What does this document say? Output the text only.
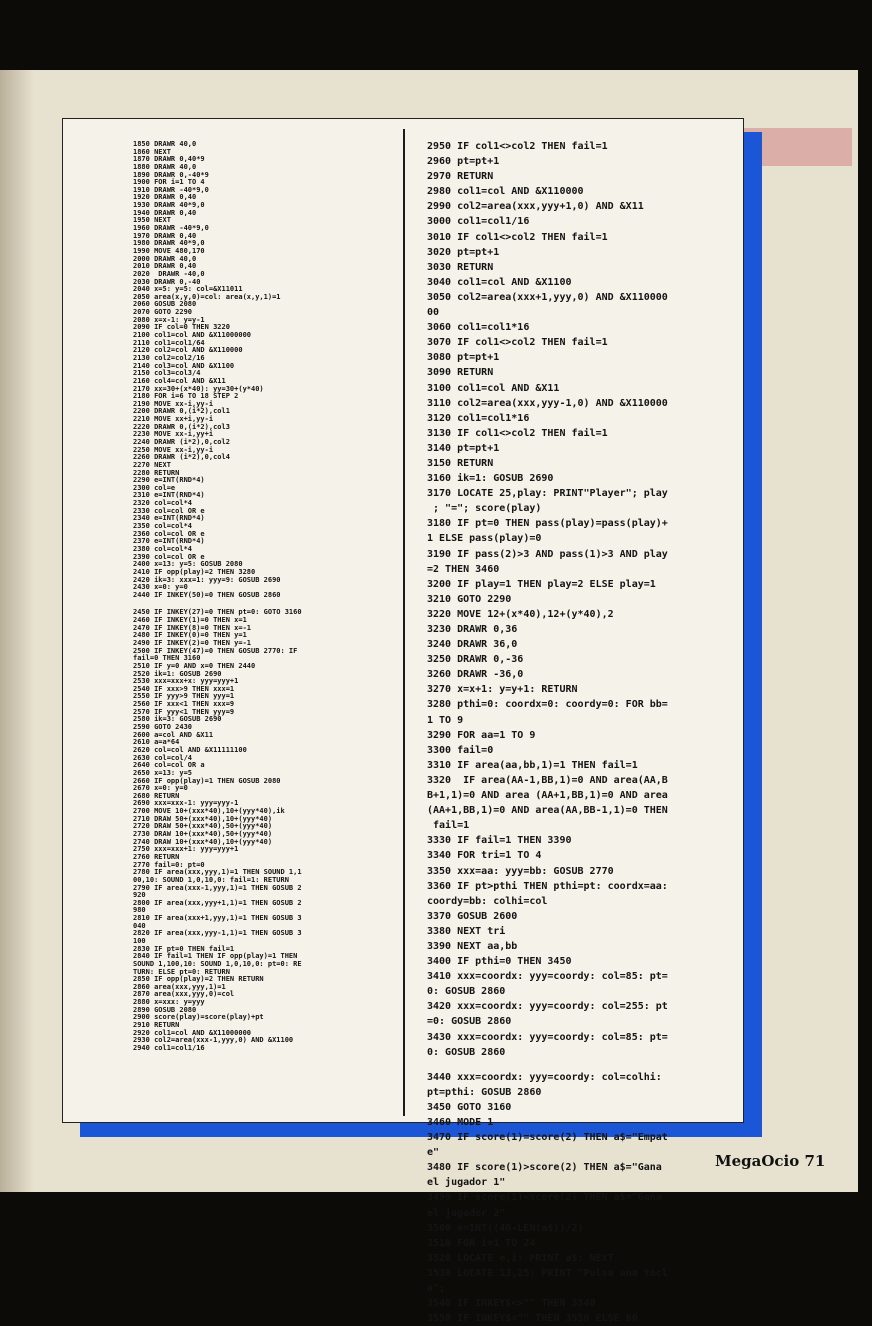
1850 DRAWR 40,0
1860 NEXT
1870 DRAWR 0,40*9
1880 DRAWR 40,0
1890 DRAWR 0,-40*9
1900 FOR i=1 TO 4
1910 DRAWR -40*9,0
1920 DRAWR 0,40
1930 DRAWR 40*9,0
1940 DRAWR 0,40
1950 NEXT
1960 DRAWR -40*9,0
1970 DRAWR 0,40
1980 DRAWR 40*9,0
1990 MOVE 480,170
2000 DRAWR 40,0
2010 DRAWR 0,40
2020  DRAWR -40,0
2030 DRAWR 0,-40
2040 x=5: y=5: col=&X11011
2050 area(x,y,0)=col: area(x,y,1)=1
2060 GOSUB 2080
2070 GOTO 2290
2080 x=x-1: y=y-1
2090 IF col=0 THEN 3220
2100 col1=col AND &X11000000
2110 col1=col1/64
2120 col2=col AND &X110000
2130 col2=col2/16
2140 col3=col AND &X1100
2150 col3=col3/4
2160 col4=col AND &X11
2170 xx=30+(x*40): yy=30+(y*40)
2180 FOR i=6 TO 18 STEP 2
2190 MOVE xx-i,yy-i
2200 DRAWR 0,(i*2),col1
2210 MOVE xx+i,yy-i
2220 DRAWR 0,(i*2),col3
2230 MOVE xx-i,yy+i
2240 DRAWR (i*2),0,col2
2250 MOVE xx-i,yy-i
2260 DRAWR (i*2),0,col4
2270 NEXT
2280 RETURN
2290 e=INT(RND*4)
2300 col=e
2310 e=INT(RND*4)
2320 col=col*4
2330 col=col OR e
2340 e=INT(RND*4)
2350 col=col*4
2360 col=col OR e
2370 e=INT(RND*4)
2380 col=col*4
2390 col=col OR e
2400 x=13: y=5: GOSUB 2080
2410 IF opp(play)=2 THEN 3280
2420 ik=3: xxx=1: yyy=9: GOSUB 2690
2430 x=0: y=0
2440 IF INKEY(50)=0 THEN GOSUB 2860
2450 IF INKEY(27)=0 THEN pt=0: GOTO 3160
2460 IF INKEY(1)=0 THEN x=1
2470 IF INKEY(8)=0 THEN x=-1
2480 IF INKEY(0)=0 THEN y=1
2490 IF INKEY(2)=0 THEN y=-1
2500 IF INKEY(47)=0 THEN GOSUB 2770: IF
fail=0 THEN 3160
2510 IF y=0 AND x=0 THEN 2440
2520 ik=1: GOSUB 2690
2530 xxx=xxx+x: yyy=yyy+1
2540 IF xxx>9 THEN xxx=1
2550 IF yyy>9 THEN yyy=1
2560 IF xxx<1 THEN xxx=9
2570 IF yyy<1 THEN yyy=9
2580 ik=3: GOSUB 2690
2590 GOTO 2430
2600 a=col AND &X11
2610 a=a*64
2620 col=col AND &X11111100
2630 col=col/4
2640 col=col OR a
2650 x=13: y=5
2660 IF opp(play)=1 THEN GOSUB 2080
2670 x=0: y=0
2680 RETURN
2690 xxx=xxx-1: yyy=yyy-1
2700 MOVE 10+(xxx*40),10+(yyy*40),ik
2710 DRAW 50+(xxx*40),10+(yyy*40)
2720 DRAW 50+(xxx*40),50+(yyy*40)
2730 DRAW 10+(xxx*40),50+(yyy*40)
2740 DRAW 10+(xxx*40),10+(yyy*40)
2750 xxx=xxx+1: yyy=yyy+1
2760 RETURN
2770 fail=0: pt=0
2780 IF area(xxx,yyy,1)=1 THEN SOUND 1,1
00,10: SOUND 1,0,10,0: fail=1: RETURN
2790 IF area(xxx-1,yyy,1)=1 THEN GOSUB 2
920
2800 IF area(xxx,yyy+1,1)=1 THEN GOSUB 2
980
2810 IF area(xxx+1,yyy,1)=1 THEN GOSUB 3
040
2820 IF area(xxx,yyy-1,1)=1 THEN GOSUB 3
100
2830 IF pt=0 THEN fail=1
2840 IF fail=1 THEN IF opp(play)=1 THEN
SOUND 1,100,10: SOUND 1,0,10,0: pt=0: RE
TURN: ELSE pt=0: RETURN
2850 IF opp(play)=2 THEN RETURN
2860 area(xxx,yyy,1)=1
2870 area(xxx,yyy,0)=col
2880 x=xxx: y=yyy
2890 GOSUB 2080
2900 score(play)=score(play)+pt
2910 RETURN
2920 col1=col AND &X11000000
2930 col2=area(xxx-1,yyy,0) AND &X1100
2940 col1=col1/16
2950 IF col1<>col2 THEN fail=1
2960 pt=pt+1
2970 RETURN
2980 col1=col AND &X110000
2990 col2=area(xxx,yyy+1,0) AND &X11
3000 col1=col1/16
3010 IF col1<>col2 THEN fail=1
3020 pt=pt+1
3030 RETURN
3040 col1=col AND &X1100
3050 col2=area(xxx+1,yyy,0) AND &X110000
00
3060 col1=col1*16
3070 IF col1<>col2 THEN fail=1
3080 pt=pt+1
3090 RETURN
3100 col1=col AND &X11
3110 col2=area(xxx,yyy-1,0) AND &X110000
3120 col1=col1*16
3130 IF col1<>col2 THEN fail=1
3140 pt=pt+1
3150 RETURN
3160 ik=1: GOSUB 2690
3170 LOCATE 25,play: PRINT"Player"; play
; "="; score(play)
3180 IF pt=0 THEN pass(play)=pass(play)+
1 ELSE pass(play)=0
3190 IF pass(2)>3 AND pass(1)>3 AND play
=2 THEN 3460
3200 IF play=1 THEN play=2 ELSE play=1
3210 GOTO 2290
3220 MOVE 12+(x*40),12+(y*40),2
3230 DRAWR 0,36
3240 DRAWR 36,0
3250 DRAWR 0,-36
3260 DRAWR -36,0
3270 x=x+1: y=y+1: RETURN
3280 pthi=0: coordx=0: coordy=0: FOR bb=
1 TO 9
3290 FOR aa=1 TO 9
3300 fail=0
3310 IF area(aa,bb,1)=1 THEN fail=1
3320  IF area(AA-1,BB,1)=0 AND area(AA,B
B+1,1)=0 AND area (AA+1,BB,1)=0 AND area
(AA+1,BB,1)=0 AND area(AA,BB-1,1)=0 THEN
fail=1
3330 IF fail=1 THEN 3390
3340 FOR tri=1 TO 4
3350 xxx=aa: yyy=bb: GOSUB 2770
3360 IF pt>pthi THEN pthi=pt: coordx=aa:
coordy=bb: colhi=col
3370 GOSUB 2600
3380 NEXT tri
3390 NEXT aa,bb
3400 IF pthi=0 THEN 3450
3410 xxx=coordx: yyy=coordy: col=85: pt=
0: GOSUB 2860
3420 xxx=coordx: yyy=coordy: col=255: pt
=0: GOSUB 2860
3430 xxx=coordx: yyy=coordy: col=85: pt=
0: GOSUB 2860
3440 xxx=coordx: yyy=coordy: col=colhi:
pt=pthi: GOSUB 2860
3450 GOTO 3160
3460 MODE 1
3470 IF score(1)=score(2) THEN a$="Empat
e"
3480 IF score(1)>score(2) THEN a$="Gana
el jugador 1"
3490 IF score(1)<score(2) THEN a$="Gana
el jugador 2"
3500 e=INT((40-LEN(a$))/2)
3510 FOR i=1 TO 24
3520 LOCATE e,i: PRINT a$: NEXT
3530 LOCATE 13,25: PRINT "Pulsa una tecl
a";
3540 IF INKEY$<>"" THEN 3540
3550 IF INKEY$="" THEN 3550 ELSE 80
MegaOcio 71
